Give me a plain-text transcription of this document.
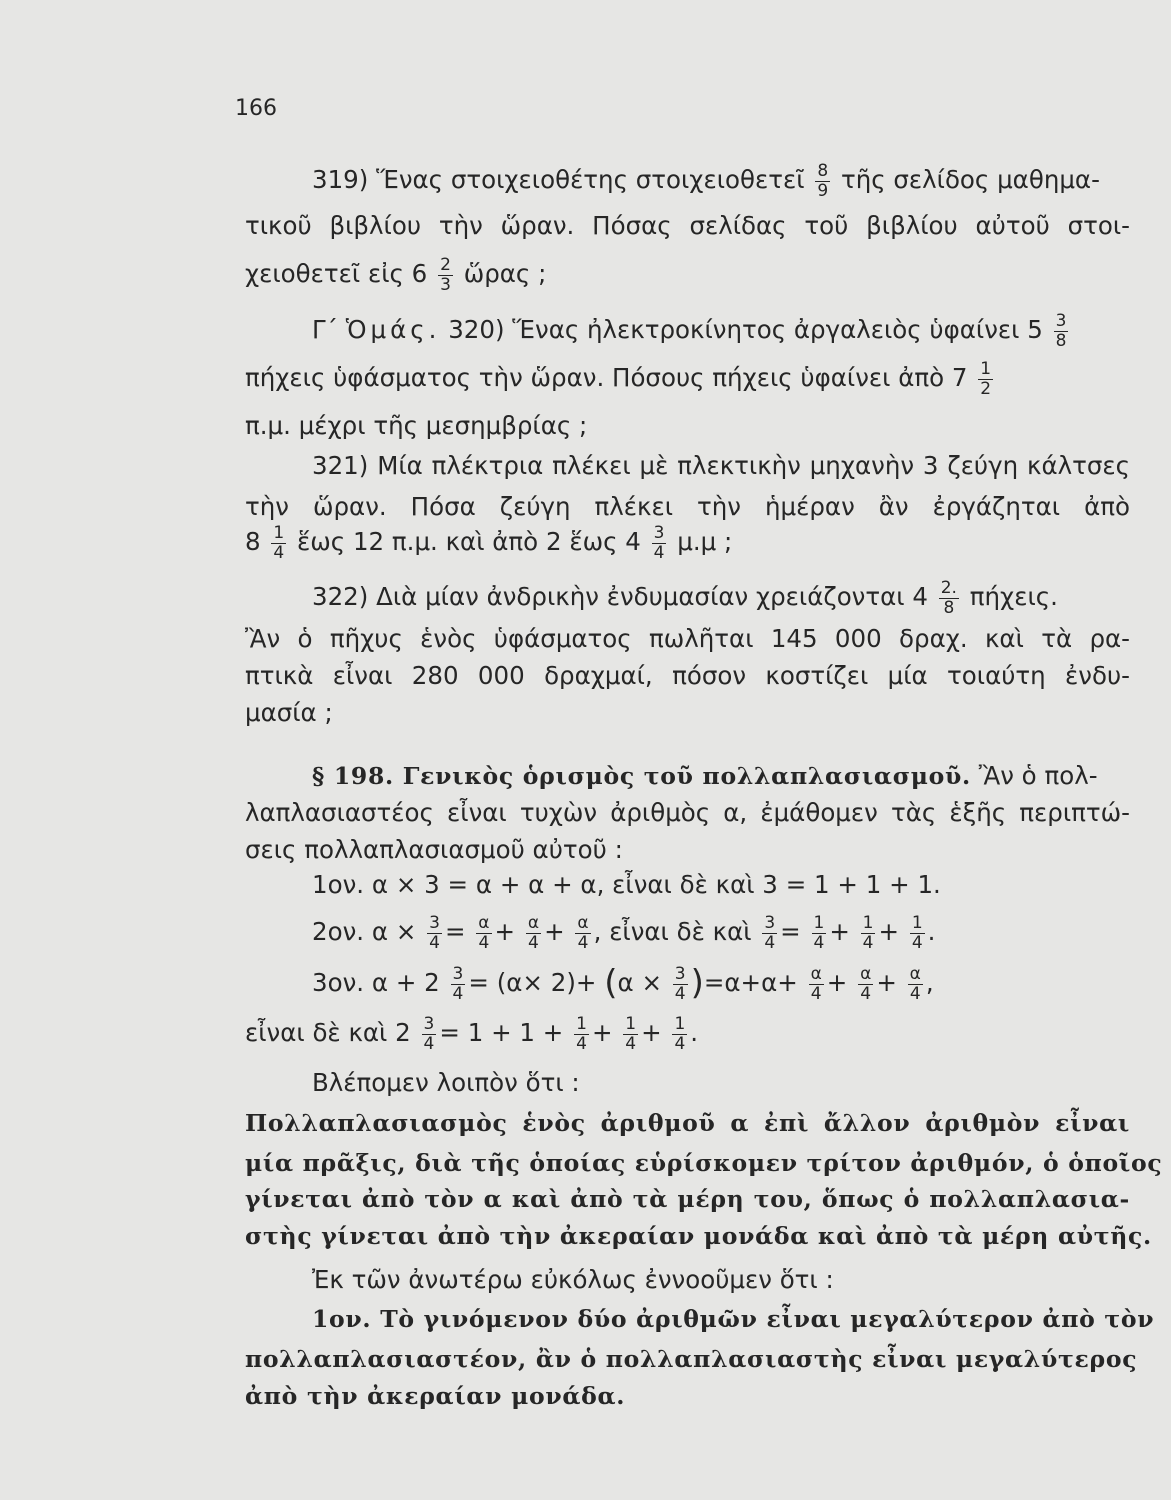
166
319) Ἕνας στοιχειοθέτης στοιχειοθετεῖ $\frac{8}{9}$ τῆς σελίδος μαθημα-
τικοῦ βιβλίου τὴν ὥραν. Πόσας σελίδας τοῦ βιβλίου αὐτοῦ στοι-
χειοθετεῖ εἰς $6 \frac{2}{3}$ ὥρας ;
Γ΄ Ὁμάς. 320) Ἕνας ἠλεκτροκίνητος ἀργαλειὸς ὑφαίνει $5 \frac{3}{8}$
πήχεις ὑφάσματος τὴν ὥραν. Πόσους πήχεις ὑφαίνει ἀπὸ $7 \frac{1}{2}$
π.μ. μέχρι τῆς μεσημβρίας ;
321) Μία πλέκτρια πλέκει μὲ πλεκτικὴν μηχανὴν 3 ζεύγη κάλτσες
τὴν ὥραν. Πόσα ζεύγη πλέκει τὴν ἡμέραν ἂν ἐργάζηται ἀπὸ
$8 \frac{1}{4}$ ἕως 12 π.μ. καὶ ἀπὸ 2 ἕως $4 \frac{3}{4} \mu.\mu$ ;
322) Διὰ μίαν ἀνδρικὴν ἐνδυμασίαν χρειάζονται $4 \frac{2.}{8} \pi ή\chi\varepsilon\iota\varsigma$.
Ἂν ὁ πῆχυς ἑνὸς ὑφάσματος πωλῆται 145 000 δραχ. καὶ τὰ ρα-
πτικὰ εἶναι 280 000 δραχμαί, πόσον κοστίζει μία τοιαύτη ἐνδυ-
μασία ;
§ 198. Γενικὸς ὁρισμὸς τοῦ πολλαπλασιασμοῦ. Ἂν ὁ πολ-
λαπλασιαστέος εἶναι τυχὼν ἀριθμὸς α, ἐμάθομεν τὰς ἑξῆς περιπτώ-
σεις πολλαπλασιασμοῦ αὐτοῦ :
1ον. α × 3 = α + α + α, εἶναι δὲ καὶ 3 = 1 + 1 + 1.
2ον. $\alpha \times \frac{3}{4} = \frac{\alpha}{4} + \frac{\alpha}{4} + \frac{\alpha}{4}$ , εἶναι δὲ καὶ $\frac{3}{4} = \frac{1}{4} + \frac{1}{4} + \frac{1}{4}$ .
3ον. $\alpha + 2 \frac{3}{4} = (\alpha\times 2)+ (\alpha \times \frac{3}{4} )=\alpha+\alpha+ \frac{\alpha}{4} + \frac{\alpha}{4} + \frac{\alpha}{4}$ ,
εἶναι δὲ καὶ $2 \frac{3}{4} = 1 + 1 + \frac{1}{4} + \frac{1}{4} + \frac{1}{4}$ .
Βλέπομεν λοιπὸν ὅτι :
Πολλαπλασιασμὸς ἑνὸς ἀριθμοῦ α ἐπὶ ἄλλον ἀριθμὸν εἶναι
μία πρᾶξις, διὰ τῆς ὁποίας εὑρίσκομεν τρίτον ἀριθμόν, ὁ ὁποῖος
γίνεται ἀπὸ τὸν α καὶ ἀπὸ τὰ μέρη του, ὅπως ὁ πολλαπλασια-
στὴς γίνεται ἀπὸ τὴν ἀκεραίαν μονάδα καὶ ἀπὸ τὰ μέρη αὐτῆς.
Ἐκ τῶν ἀνωτέρω εὐκόλως ἐννοοῦμεν ὅτι :
1ον. Τὸ γινόμενον δύο ἀριθμῶν εἶναι μεγαλύτερον ἀπὸ τὸν
πολλαπλασιαστέον, ἂν ὁ πολλαπλασιαστὴς εἶναι μεγαλύτερος
ἀπὸ τὴν ἀκεραίαν μονάδα.
